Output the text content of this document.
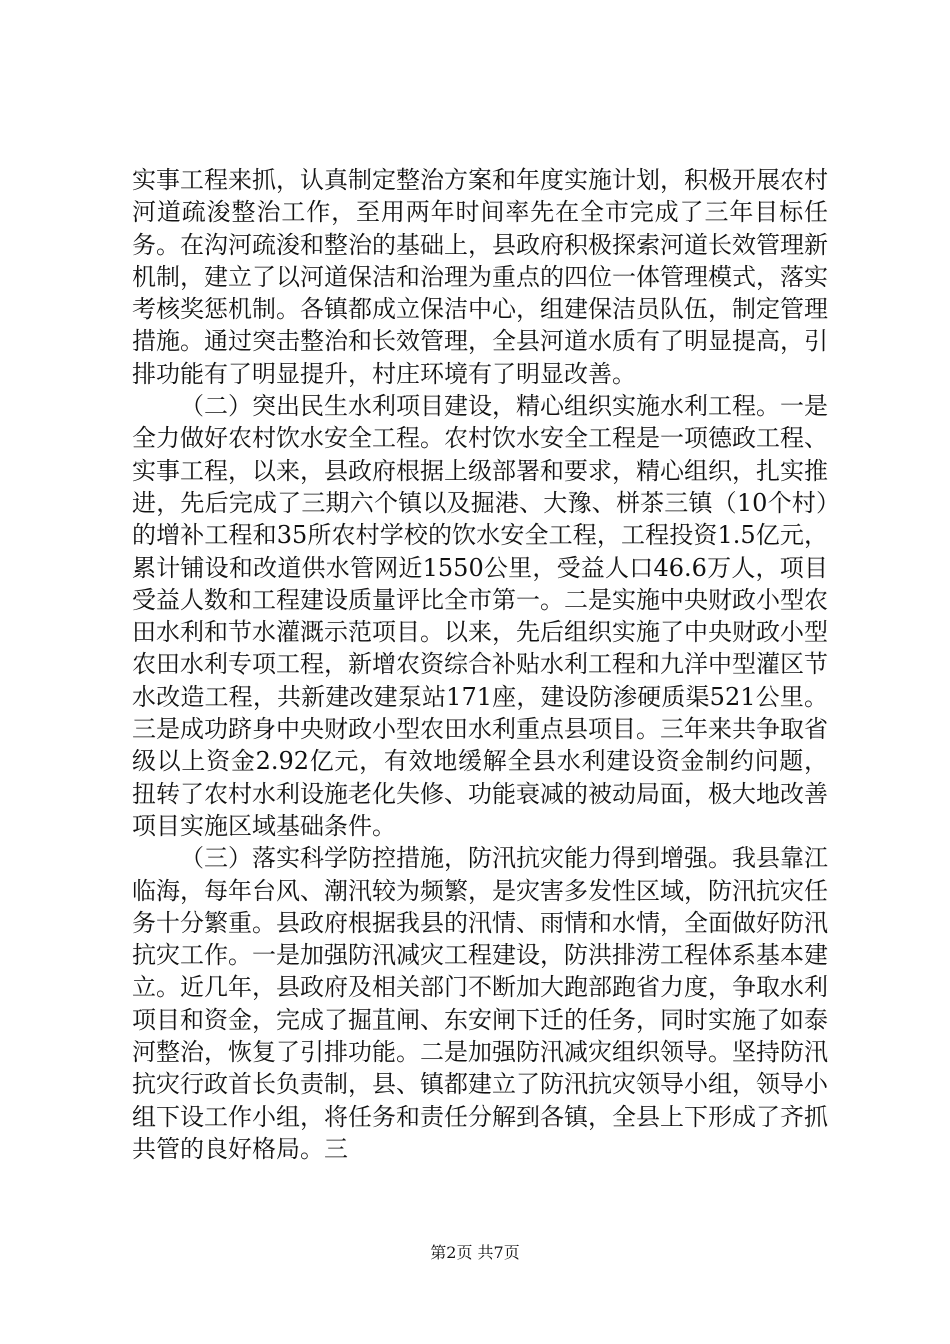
实事工程来抓，认真制定整治方案和年度实施计划，积极开展农村河道疏浚整治工作，至用两年时间率先在全市完成了三年目标任务。在沟河疏浚和整治的基础上，县政府积极探索河道长效管理新机制，建立了以河道保洁和治理为重点的四位一体管理模式，落实考核奖惩机制。各镇都成立保洁中心，组建保洁员队伍，制定管理措施。通过突击整治和长效管理，全县河道水质有了明显提高，引排功能有了明显提升，村庄环境有了明显改善。

（二）突出民生水利项目建设，精心组织实施水利工程。一是全力做好农村饮水安全工程。农村饮水安全工程是一项德政工程、实事工程，以来，县政府根据上级部署和要求，精心组织，扎实推进，先后完成了三期六个镇以及掘港、大豫、栟茶三镇（10个村）的增补工程和35所农村学校的饮水安全工程，工程投资1.5亿元，累计铺设和改道供水管网近1550公里，受益人口46.6万人，项目受益人数和工程建设质量评比全市第一。二是实施中央财政小型农田水利和节水灌溉示范项目。以来，先后组织实施了中央财政小型农田水利专项工程，新增农资综合补贴水利工程和九洋中型灌区节水改造工程，共新建改建泵站171座，建设防渗硬质渠521公里。三是成功跻身中央财政小型农田水利重点县项目。三年来共争取省级以上资金2.92亿元，有效地缓解全县水利建设资金制约问题，扭转了农村水利设施老化失修、功能衰减的被动局面，极大地改善项目实施区域基础条件。

（三）落实科学防控措施，防汛抗灾能力得到增强。我县靠江临海，每年台风、潮汛较为频繁，是灾害多发性区域，防汛抗灾任务十分繁重。县政府根据我县的汛情、雨情和水情，全面做好防汛抗灾工作。一是加强防汛减灾工程建设，防洪排涝工程体系基本建立。近几年，县政府及相关部门不断加大跑部跑省力度，争取水利项目和资金，完成了掘苴闸、东安闸下迁的任务，同时实施了如泰河整治，恢复了引排功能。二是加强防汛减灾组织领导。坚持防汛抗灾行政首长负责制，县、镇都建立了防汛抗灾领导小组，领导小组下设工作小组，将任务和责任分解到各镇，全县上下形成了齐抓共管的良好格局。三

第2页 共7页
